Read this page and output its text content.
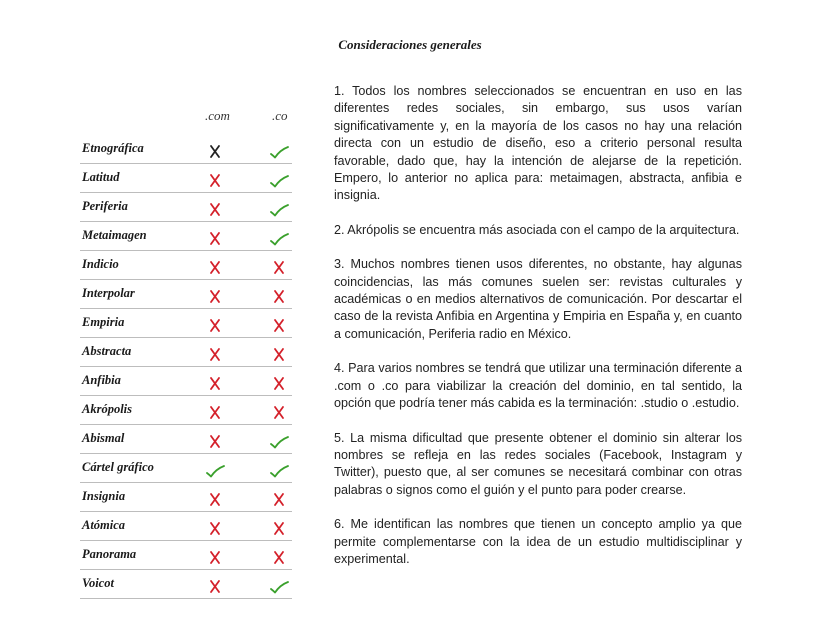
Consideraciones generales
.com	.co
Etnográfica
Latitud
Periferia
Metaimagen
Indicio
Interpolar
Empiria
Abstracta
Anfibia
Akrópolis
Abismal
Cártel gráfico
Insignia
Atómica
Panorama
Voicot

1. Todos los nombres seleccionados se encuentran en uso en las diferentes redes sociales, sin embargo, sus usos varían significativamente y, en la mayoría de los casos no hay una relación directa con un estudio de diseño, eso a criterio personal resulta favorable, dado que, hay la intención de alejarse de la repetición. Empero, lo anterior no aplica para: metaimagen, abstracta, anfibia e insignia.

2. Akrópolis se encuentra más asociada con el campo de la arquitectura.

3. Muchos nombres tienen usos diferentes, no obstante, hay algunas coincidencias, las más comunes suelen ser: revistas culturales y académicas o en medios alternativos de comunicación. Por descartar el caso de la revista Anfibia en Argentina y Empiria en España y, en cuanto a comunicación, Periferia radio en México.

4. Para varios nombres se tendrá que utilizar una terminación diferente a .com o .co para viabilizar la creación del dominio, en tal sentido, la opción que podría tener más cabida es la terminación: .studio o .estudio.

5. La misma dificultad que presente obtener el dominio sin alterar los nombres se refleja en las redes sociales (Facebook, Instagram y Twitter), puesto que, al ser comunes se necesitará combinar con otras palabras o signos como el guión y el punto para poder crearse.

6. Me identifican las nombres que tienen un concepto amplio ya que permite complementarse con la idea de un estudio multidisciplinar y experimental.
